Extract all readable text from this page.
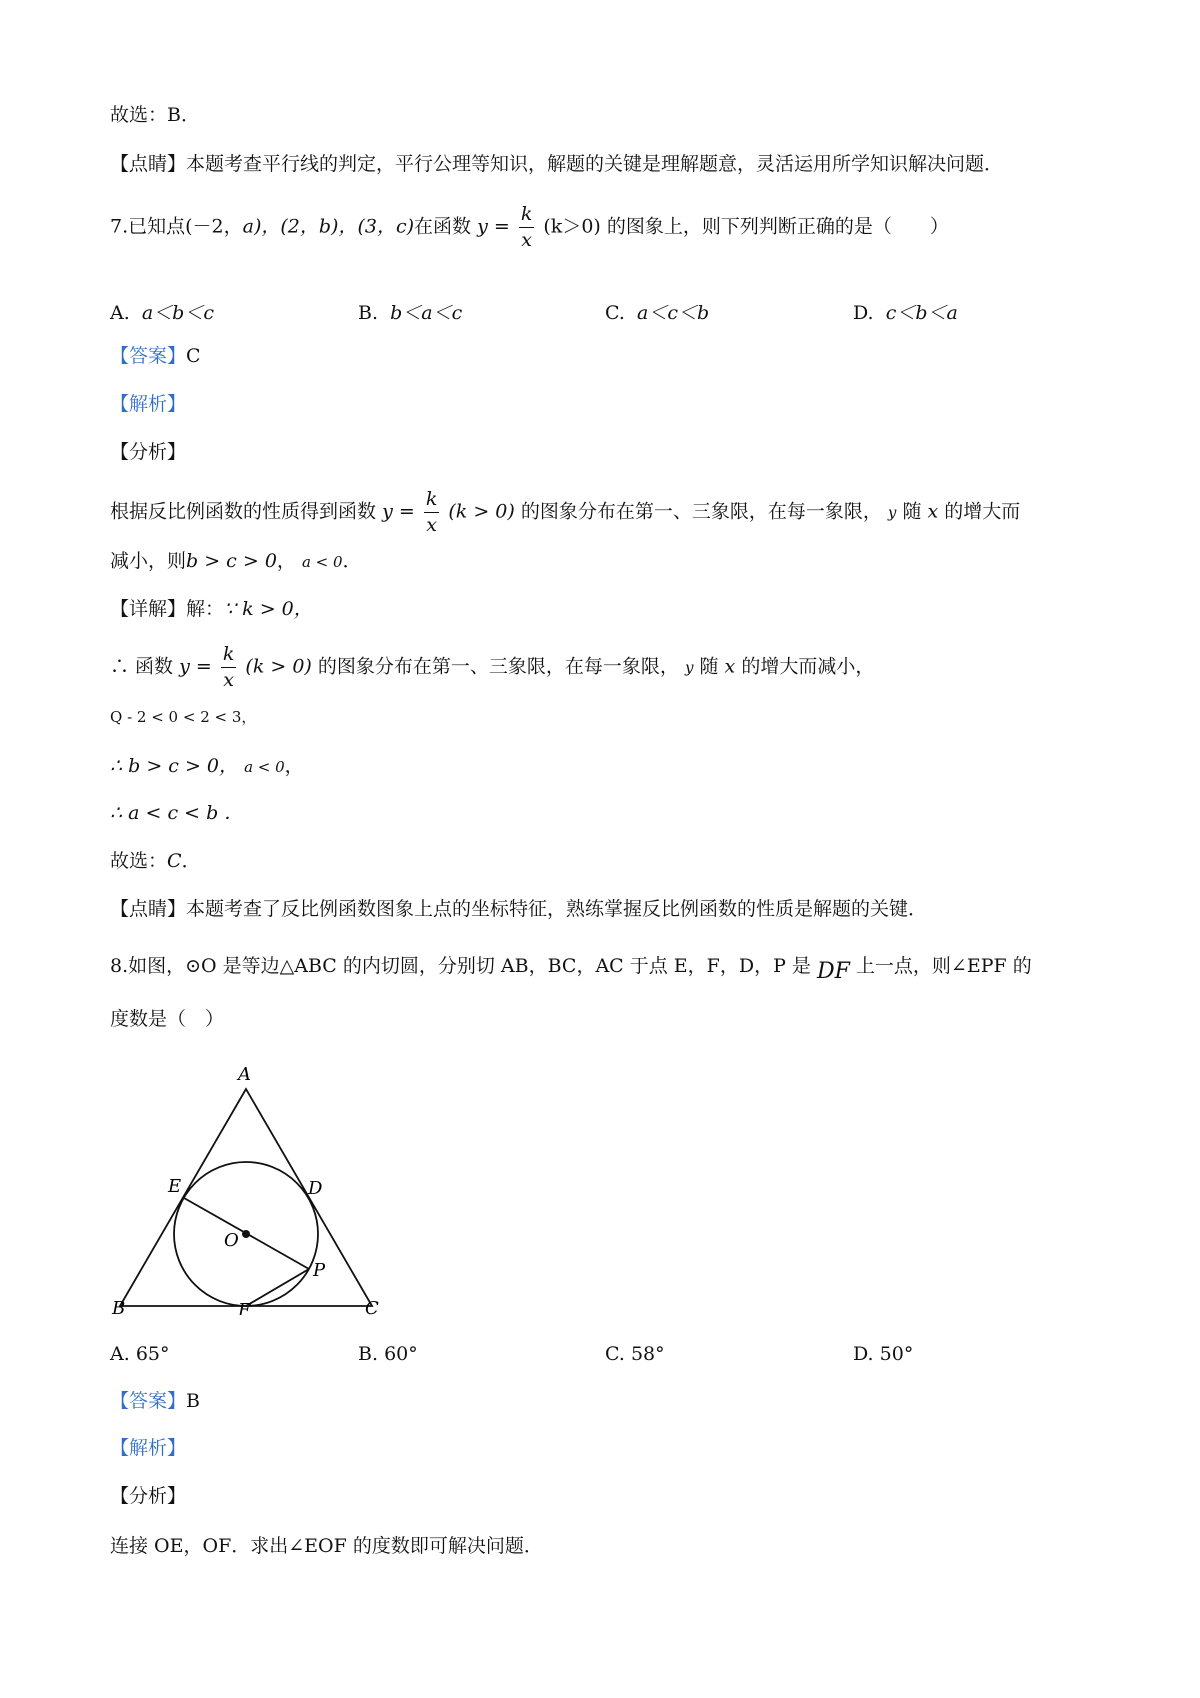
故选：B．
【点睛】本题考查平行线的判定，平行公理等知识，解题的关键是理解题意，灵活运用所学知识解决问题．
7.已知点(－2，a)，(2，b)，(3，c)在函数 $y = \frac{k}{x} (k>0)$ 的图象上，则下列判断正确的是（　　）
A. a＜b＜c	B. b＜a＜c	C. a＜c＜b	D. c＜b＜a
【答案】C
【解析】
【分析】
根据反比例函数的性质得到函数 $y = \frac{k}{x} (k > 0)$ 的图象分布在第一、三象限，在每一象限， y 随 x 的增大而
减小，则b > c > 0， a < 0．
【详解】解：∵ k > 0，
∴ 函数 $y = \frac{k}{x} (k > 0)$ 的图象分布在第一、三象限，在每一象限， y 随 x 的增大而减小，
Q - 2 < 0 < 2 < 3，
∴ b > c > 0， a < 0，
∴ a < c < b ．
故选：C．
【点睛】本题考查了反比例函数图象上点的坐标特征，熟练掌握反比例函数的性质是解题的关键．
8.如图，⊙O 是等边△ABC 的内切圆，分别切 AB，BC，AC 于点 E，F，D，P 是 DF 上一点，则∠EPF 的
度数是（　）
A
B	C
D
E
F
O
P
A. 65°	B. 60°	C. 58°	D. 50°
【答案】B
【解析】
【分析】
连接 OE，OF．求出∠EOF 的度数即可解决问题．
